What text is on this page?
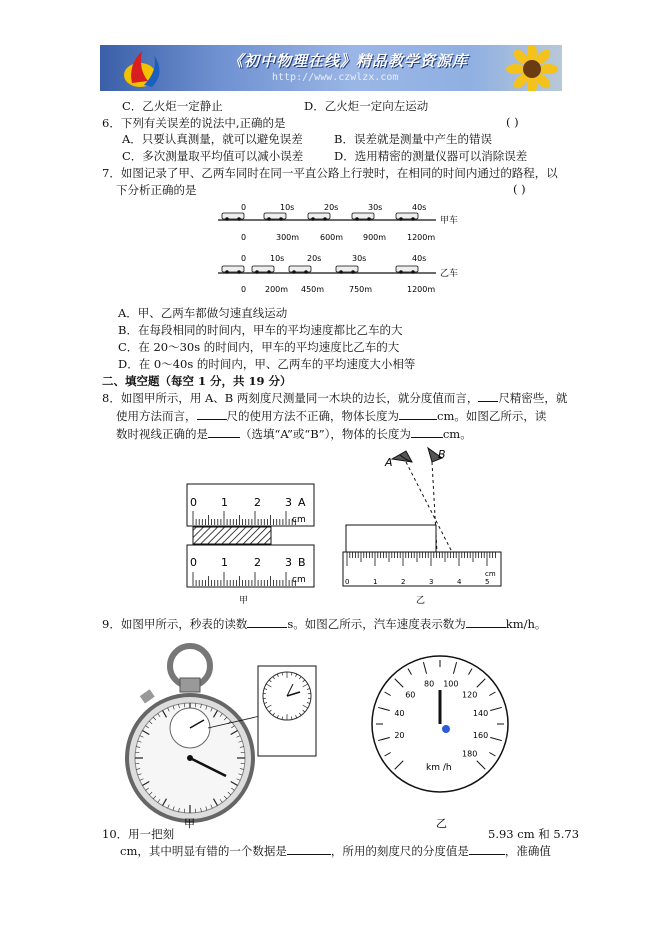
《初中物理在线》精品教学资源库
http://www.czwlzx.com
C．乙火炬一定静止	D．乙火炬一定向左运动
6．下列有关误差的说法中,正确的是	( )
A．只要认真测量，就可以避免误差	B．误差就是测量中产生的错误
C．多次测量取平均值可以减小误差	D．选用精密的测量仪器可以消除误差
7．如图记录了甲、乙两车同时在同一平直公路上行驶时，在相同的时间内通过的路程，以
下分析正确的是	( )
甲车
0	10s	20s	30s	40s
0	300m	600m 900m	1200m
乙车
0	10s	20s	30s	40s
0 200m 450m	750m	1200m
A．甲、乙两车都做匀速直线运动
B．在每段相同的时间内，甲车的平均速度都比乙车的大
C．在 20～30s 的时间内，甲车的平均速度比乙车的大
D．在 0～40s 的时间内，甲、乙两车的平均速度大小相等
二、填空题（每空 1 分，共 19 分）
8．如图甲所示，用 A、B 两刻度尺测量同一木块的边长，就分度值而言， 尺精密些，就
使用方法而言，	尺的使用方法不正确，物体长度为	cm。如图乙所示，读
数时视线正确的是	（选填“A”或“B”），物体的长度为	cm。
0 1 2 3 A
cm
0 1 2 3 B
cm
甲
A
B
0	1	2	3	4	5
cm
乙
9．如图甲所示，秒表的读数	s。如图乙所示，汽车速度表示数为	km/h。
甲
20
40
60
80 100
120
140
160
180
km /h
乙
10．用一把刻	5.93 cm 和 5.73
cm，其中明显有错的一个数据是	，所用的刻度尺的分度值是	，准确值
